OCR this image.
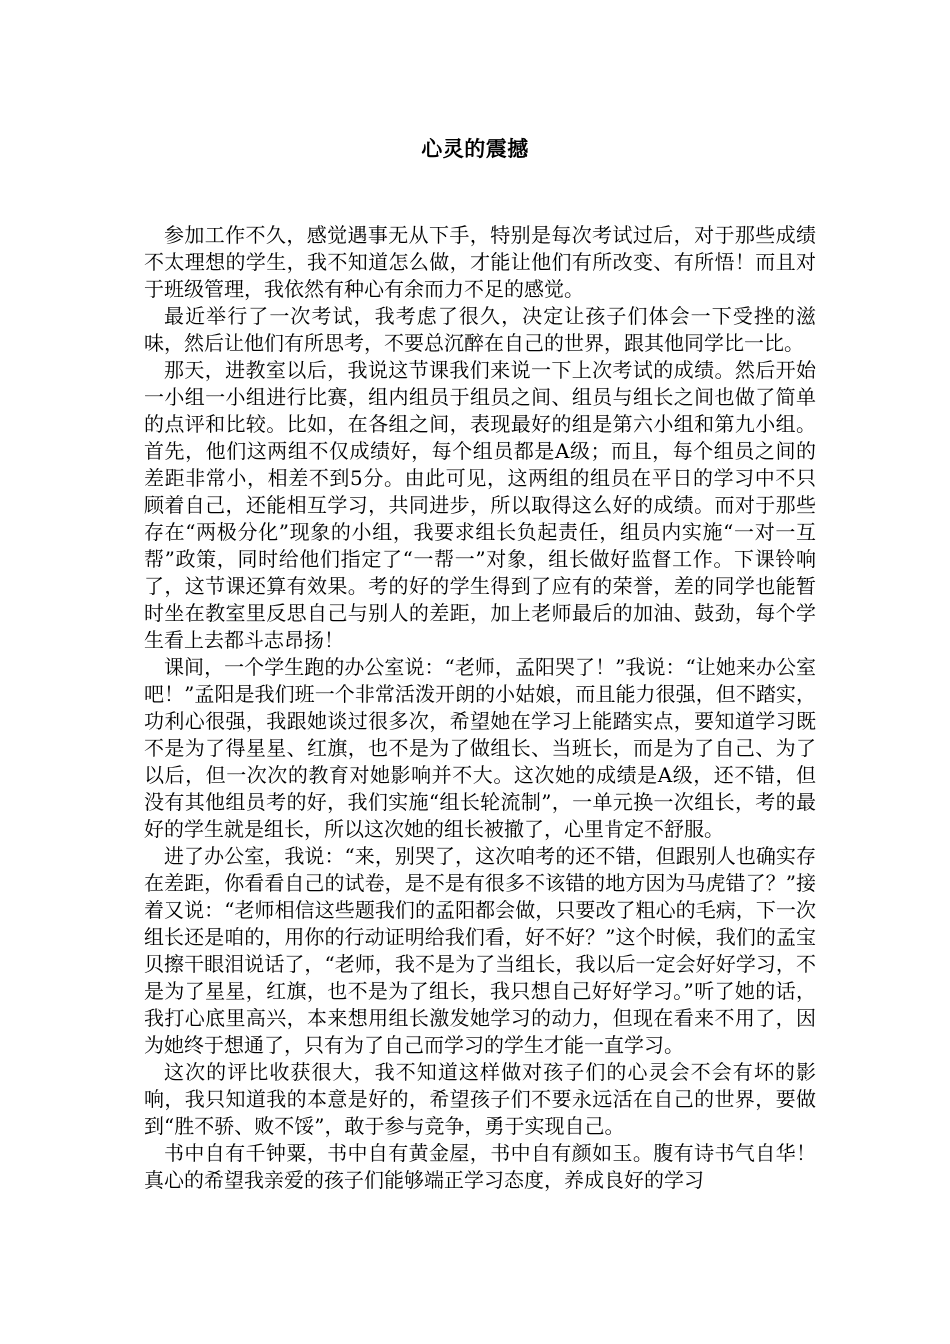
心灵的震撼

参加工作不久，感觉遇事无从下手，特别是每次考试过后，对于那些成绩不太理想的学生，我不知道怎么做，才能让他们有所改变、有所悟！而且对于班级管理，我依然有种心有余而力不足的感觉。

最近举行了一次考试，我考虑了很久，决定让孩子们体会一下受挫的滋味，然后让他们有所思考，不要总沉醉在自己的世界，跟其他同学比一比。

那天，进教室以后，我说这节课我们来说一下上次考试的成绩。然后开始一小组一小组进行比赛，组内组员于组员之间、组员与组长之间也做了简单的点评和比较。比如，在各组之间，表现最好的组是第六小组和第九小组。首先，他们这两组不仅成绩好，每个组员都是A级；而且，每个组员之间的差距非常小，相差不到5分。由此可见，这两组的组员在平日的学习中不只顾着自己，还能相互学习，共同进步，所以取得这么好的成绩。而对于那些存在“两极分化”现象的小组，我要求组长负起责任，组员内实施“一对一互帮”政策，同时给他们指定了“一帮一”对象，组长做好监督工作。下课铃响了，这节课还算有效果。考的好的学生得到了应有的荣誉，差的同学也能暂时坐在教室里反思自己与别人的差距，加上老师最后的加油、鼓劲，每个学生看上去都斗志昂扬！

课间，一个学生跑的办公室说：“老师，孟阳哭了！”我说：“让她来办公室吧！”孟阳是我们班一个非常活泼开朗的小姑娘，而且能力很强，但不踏实，功利心很强，我跟她谈过很多次，希望她在学习上能踏实点，要知道学习既不是为了得星星、红旗，也不是为了做组长、当班长，而是为了自己、为了以后，但一次次的教育对她影响并不大。这次她的成绩是A级，还不错，但没有其他组员考的好，我们实施“组长轮流制”，一单元换一次组长，考的最好的学生就是组长，所以这次她的组长被撤了，心里肯定不舒服。

进了办公室，我说：“来，别哭了，这次咱考的还不错，但跟别人也确实存在差距，你看看自己的试卷，是不是有很多不该错的地方因为马虎错了？”接着又说：“老师相信这些题我们的孟阳都会做，只要改了粗心的毛病，下一次组长还是咱的，用你的行动证明给我们看，好不好？”这个时候，我们的孟宝贝擦干眼泪说话了，“老师，我不是为了当组长，我以后一定会好好学习，不是为了星星，红旗，也不是为了组长，我只想自己好好学习。”听了她的话，我打心底里高兴，本来想用组长激发她学习的动力，但现在看来不用了，因为她终于想通了，只有为了自己而学习的学生才能一直学习。

这次的评比收获很大，我不知道这样做对孩子们的心灵会不会有坏的影响，我只知道我的本意是好的，希望孩子们不要永远活在自己的世界，要做到“胜不骄、败不馁”，敢于参与竞争，勇于实现自己。

书中自有千钟粟，书中自有黄金屋，书中自有颜如玉。腹有诗书气自华！真心的希望我亲爱的孩子们能够端正学习态度，养成良好的学习
